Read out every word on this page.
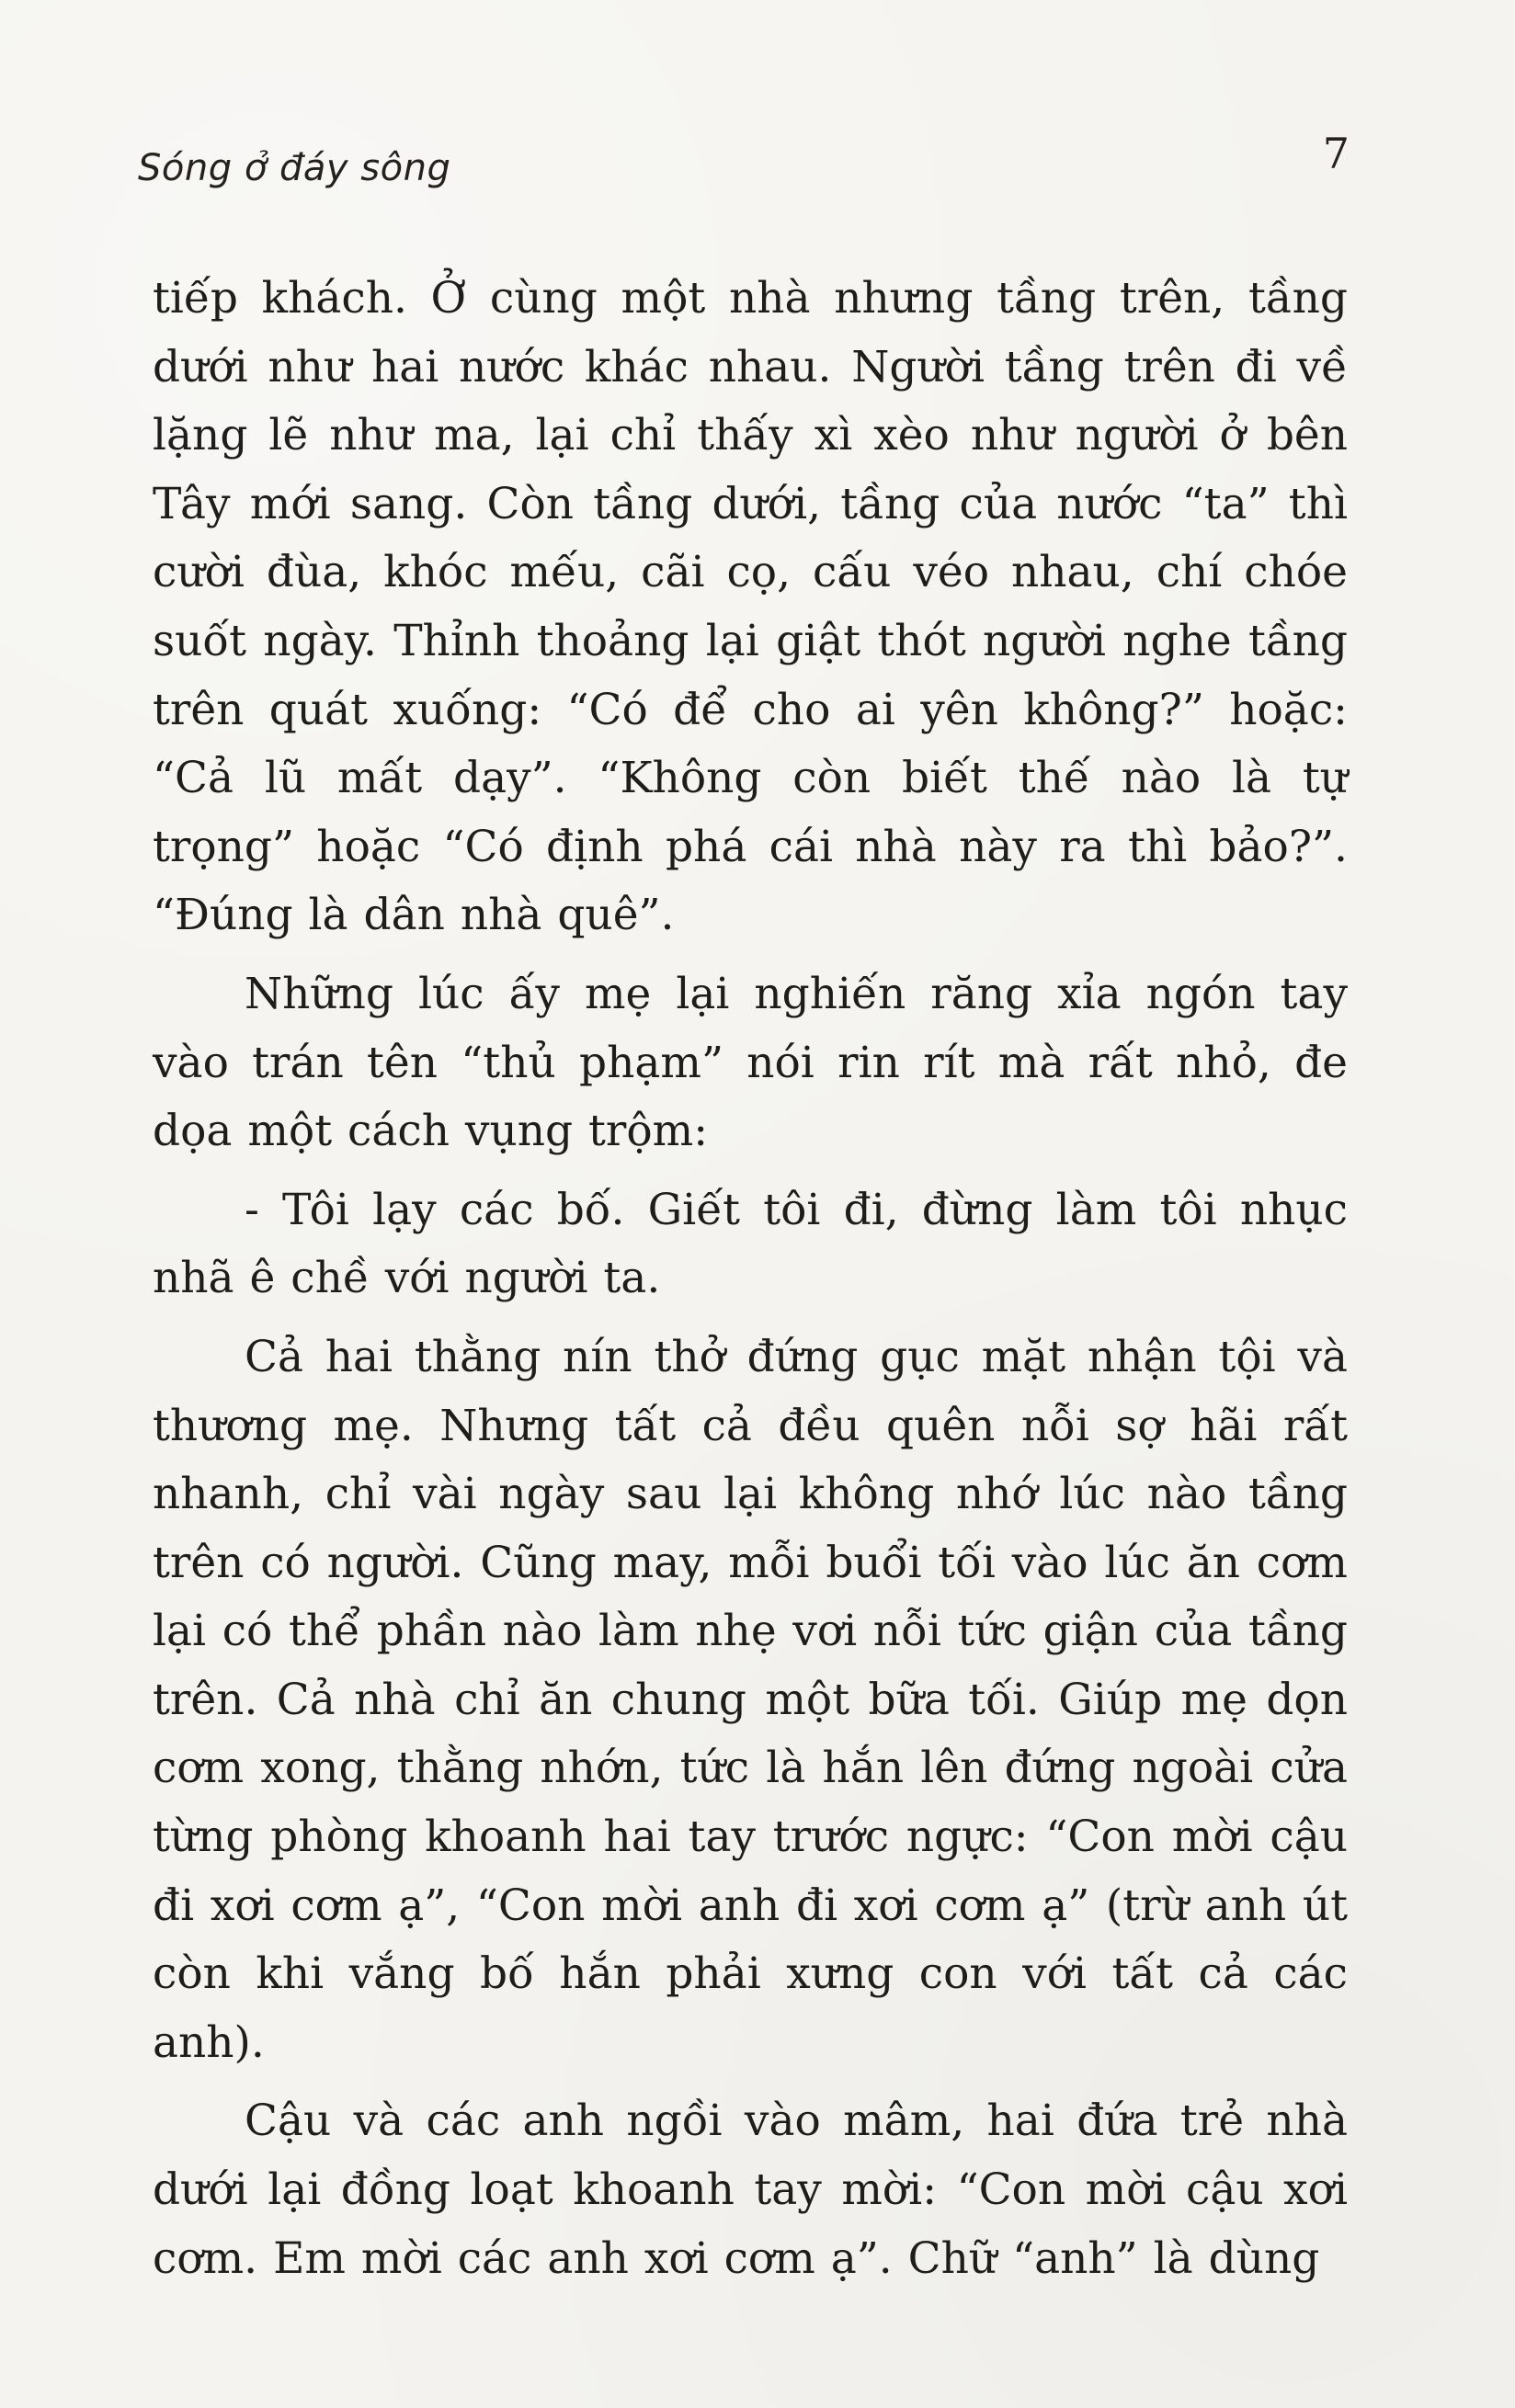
Sóng ở đáy sông	7

tiếp khách. Ở cùng một nhà nhưng tầng trên, tầng dưới như hai nước khác nhau. Người tầng trên đi về lặng lẽ như ma, lại chỉ thấy xì xèo như người ở bên Tây mới sang. Còn tầng dưới, tầng của nước “ta” thì cười đùa, khóc mếu, cãi cọ, cấu véo nhau, chí chóe suốt ngày. Thỉnh thoảng lại giật thót người nghe tầng trên quát xuống: “Có để cho ai yên không?” hoặc: “Cả lũ mất dạy”. “Không còn biết thế nào là tự trọng” hoặc “Có định phá cái nhà này ra thì bảo?”. “Đúng là dân nhà quê”.

Những lúc ấy mẹ lại nghiến răng xỉa ngón tay vào trán tên “thủ phạm” nói rin rít mà rất nhỏ, đe dọa một cách vụng trộm:

- Tôi lạy các bố. Giết tôi đi, đừng làm tôi nhục nhã ê chề với người ta.

Cả hai thằng nín thở đứng gục mặt nhận tội và thương mẹ. Nhưng tất cả đều quên nỗi sợ hãi rất nhanh, chỉ vài ngày sau lại không nhớ lúc nào tầng trên có người. Cũng may, mỗi buổi tối vào lúc ăn cơm lại có thể phần nào làm nhẹ vơi nỗi tức giận của tầng trên. Cả nhà chỉ ăn chung một bữa tối. Giúp mẹ dọn cơm xong, thằng nhớn, tức là hắn lên đứng ngoài cửa từng phòng khoanh hai tay trước ngực: “Con mời cậu đi xơi cơm ạ”, “Con mời anh đi xơi cơm ạ” (trừ anh út còn khi vắng bố hắn phải xưng con với tất cả các anh).

Cậu và các anh ngồi vào mâm, hai đứa trẻ nhà dưới lại đồng loạt khoanh tay mời: “Con mời cậu xơi cơm. Em mời các anh xơi cơm ạ”. Chữ “anh” là dùng
